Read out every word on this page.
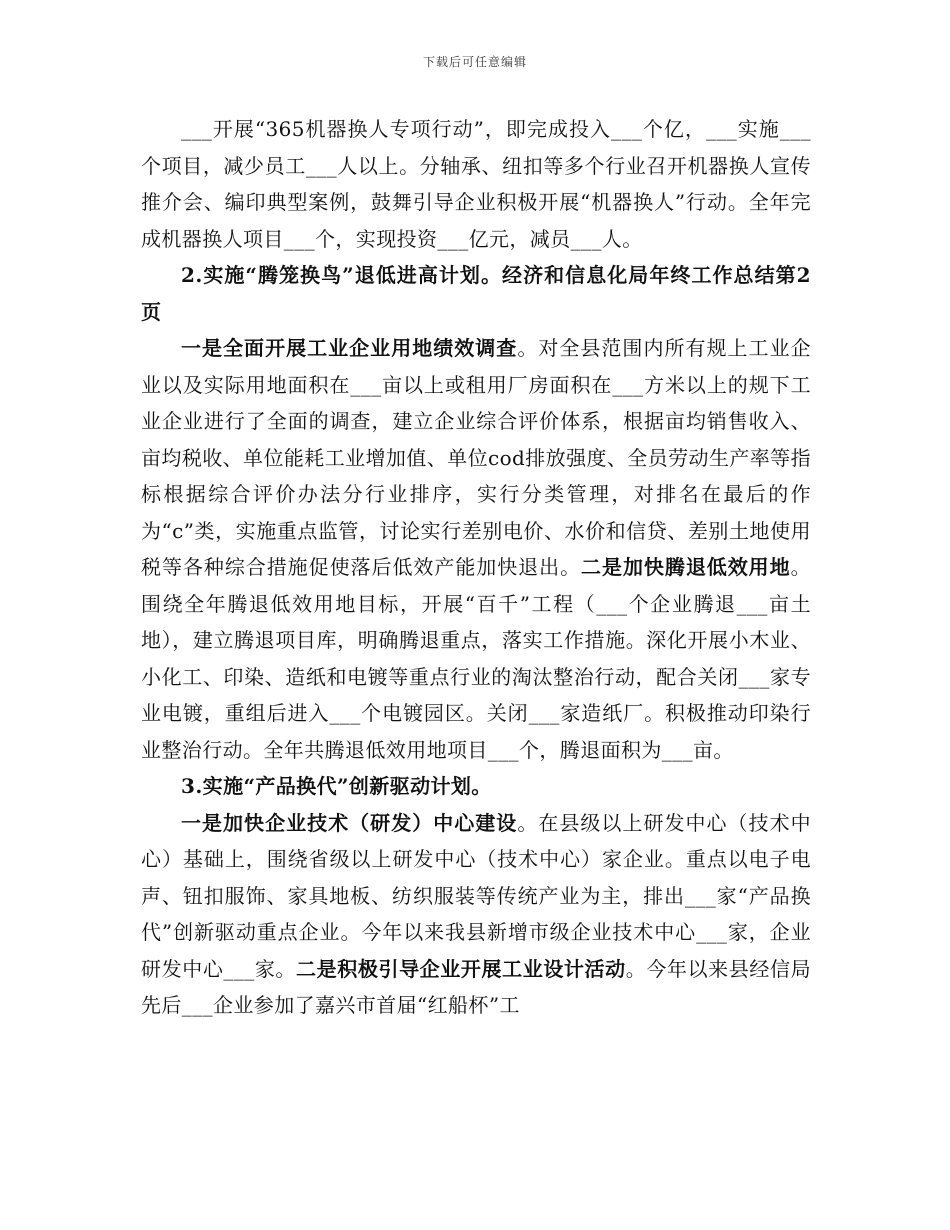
下载后可任意编辑

___开展“365机器换人专项行动”，即完成投入___个亿，___实施___个项目，减少员工___人以上。分轴承、纽扣等多个行业召开机器换人宣传推介会、编印典型案例，鼓舞引导企业积极开展“机器换人”行动。全年完成机器换人项目___个，实现投资___亿元，减员___人。

2.实施“腾笼换鸟”退低进高计划。经济和信息化局年终工作总结第2页

一是全面开展工业企业用地绩效调查。对全县范围内所有规上工业企业以及实际用地面积在___亩以上或租用厂房面积在___方米以上的规下工业企业进行了全面的调查，建立企业综合评价体系，根据亩均销售收入、亩均税收、单位能耗工业增加值、单位cod排放强度、全员劳动生产率等指标根据综合评价办法分行业排序，实行分类管理，对排名在最后的作为“c”类，实施重点监管，讨论实行差别电价、水价和信贷、差别土地使用税等各种综合措施促使落后低效产能加快退出。二是加快腾退低效用地。围绕全年腾退低效用地目标，开展“百千”工程（___个企业腾退___亩土地），建立腾退项目库，明确腾退重点，落实工作措施。深化开展小木业、小化工、印染、造纸和电镀等重点行业的淘汰整治行动，配合关闭___家专业电镀，重组后进入___个电镀园区。关闭___家造纸厂。积极推动印染行业整治行动。全年共腾退低效用地项目___个，腾退面积为___亩。

3.实施“产品换代”创新驱动计划。

一是加快企业技术（研发）中心建设。在县级以上研发中心（技术中心）基础上，围绕省级以上研发中心（技术中心）家企业。重点以电子电声、钮扣服饰、家具地板、纺织服装等传统产业为主，排出___家“产品换代”创新驱动重点企业。今年以来我县新增市级企业技术中心___家，企业研发中心___家。二是积极引导企业开展工业设计活动。今年以来县经信局先后___企业参加了嘉兴市首届“红船杯”工
